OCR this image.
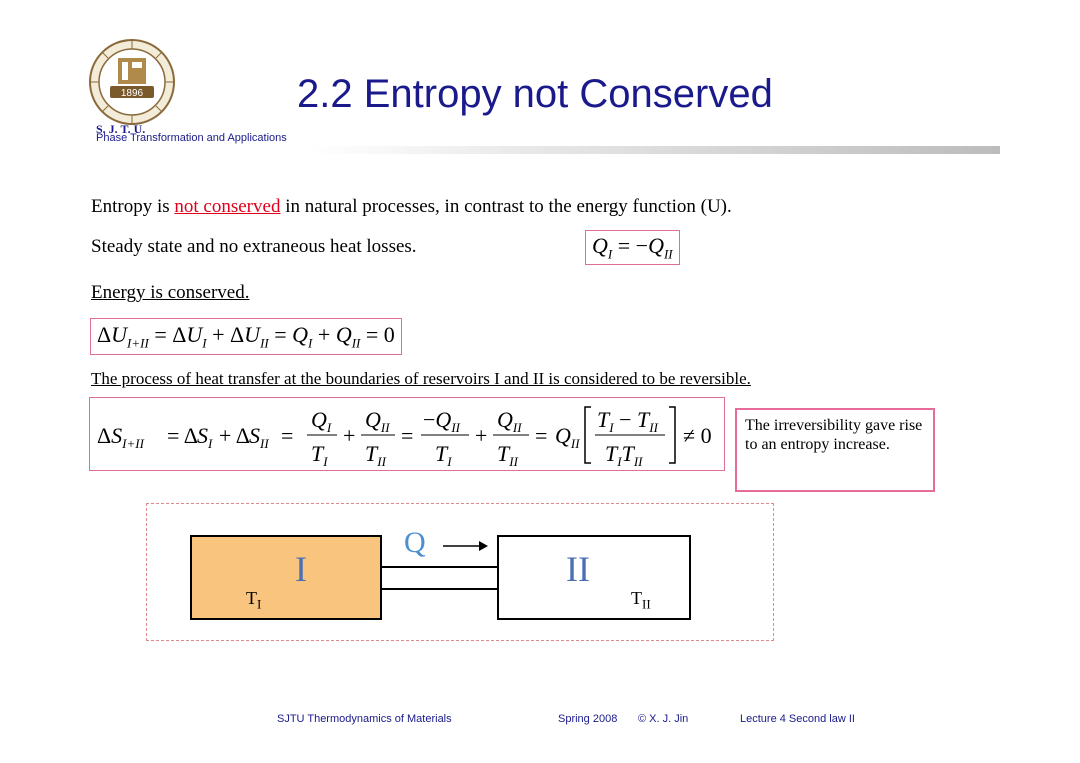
1896	2.2 Entropy not Conserved
S. J. T. U.
Phase Transformation and Applications
Entropy is not conserved in natural processes, in contrast to the energy function (U).
Steady state and no extraneous heat losses.	$Q_I = -Q_{II}$
Energy is conserved.
$\Delta U_{I+II} = \Delta U_I + \Delta U_{II} = Q_I + Q_{II} = 0$
The process of heat transfer at the boundaries of reservoirs I and II is considered to be reversible.
$\Delta S_{I+II} = \Delta$ $S_I + \Delta$ $S_{II}$ =
$Q_I$
$T_I$
+
$Q_{II}$
$T_{II}$
=
$-Q_{II}$
$T_I$
+
$Q_{II}$
$T_{II}$
= $Q_{II}$
$T_I - T_{II}$
$T_IT_{II}$
≠ 0	The irreversibility gave rise to an entropy increase.
I	II
$T_I$	$T_{II}$
Q
SJTU Thermodynamics of Materials	Spring 2008 © X. J. Jin	Lecture 4 Second law II
